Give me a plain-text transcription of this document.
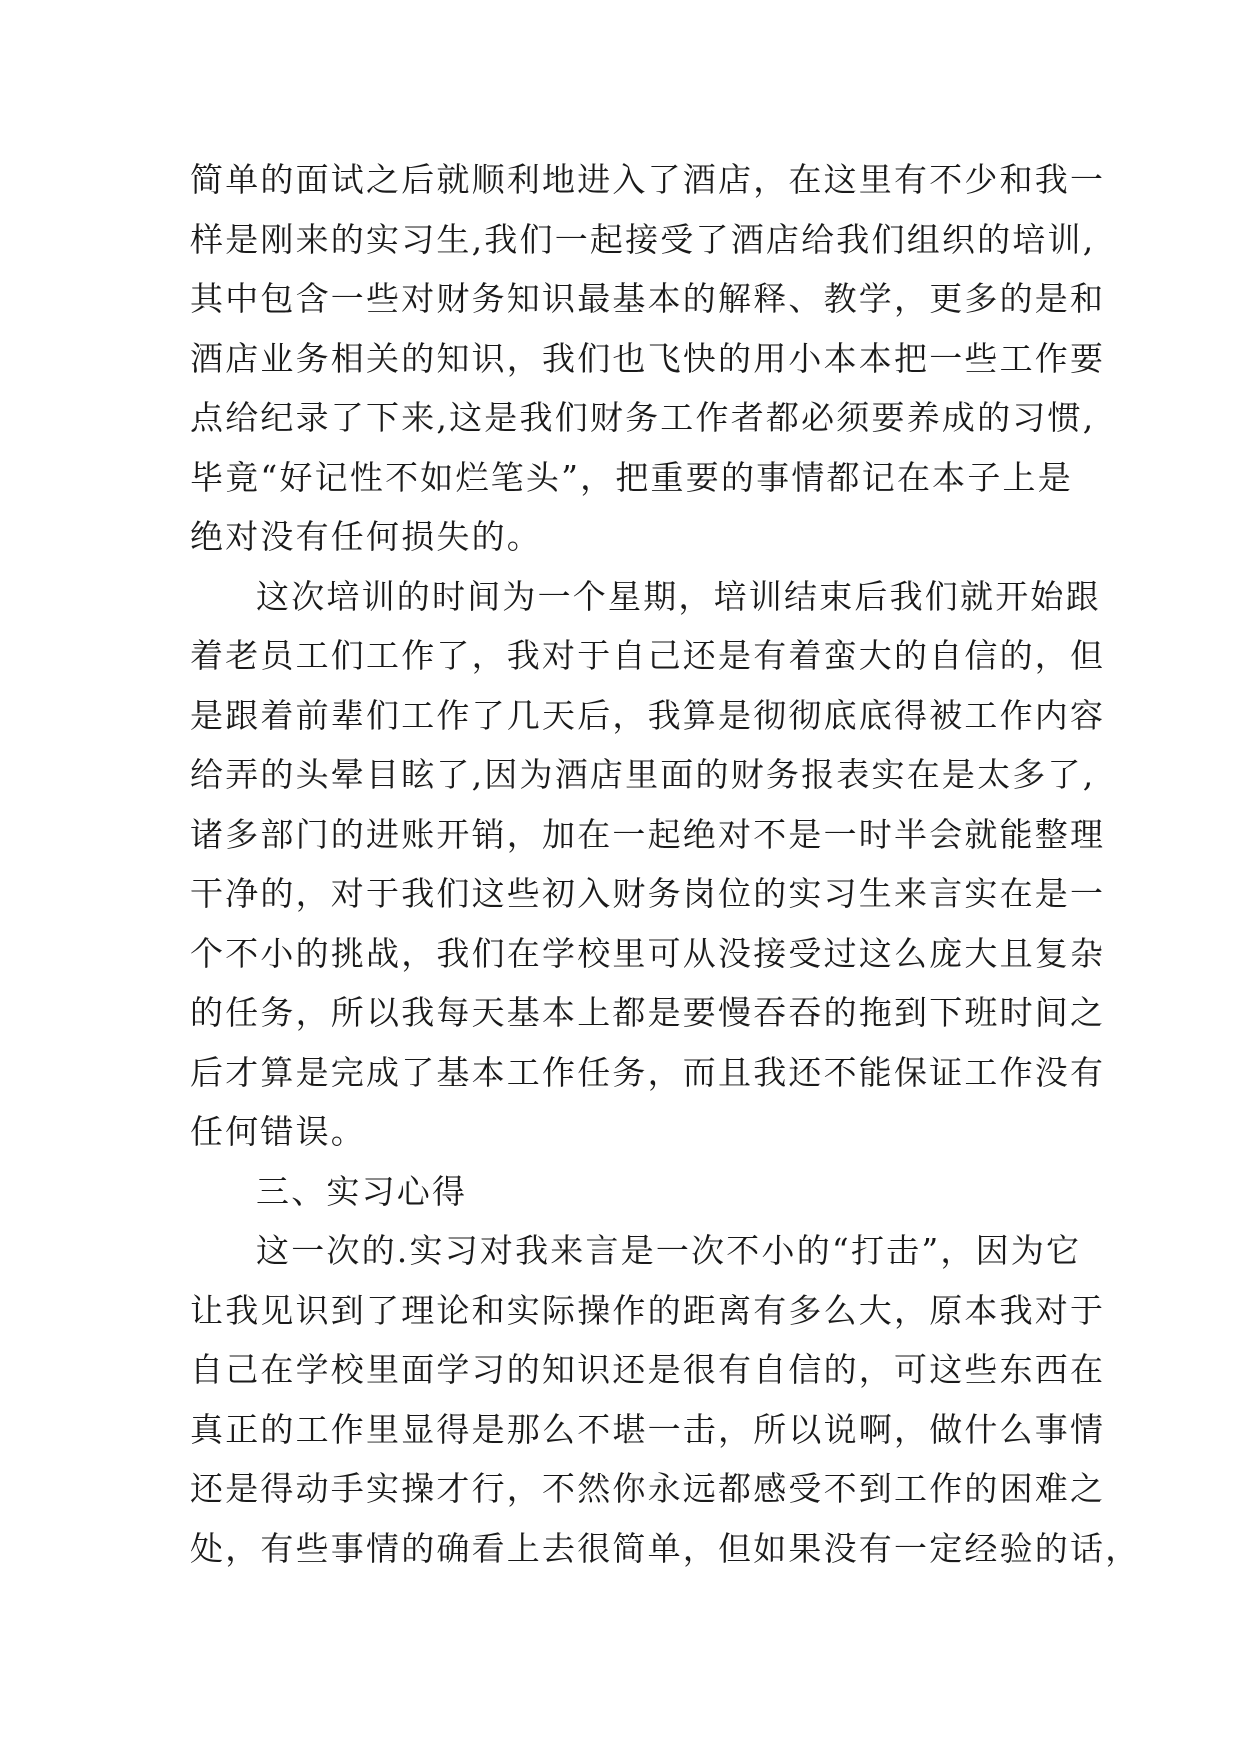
简单的面试之后就顺利地进入了酒店，在这里有不少和我一
样是刚来的实习生,我们一起接受了酒店给我们组织的培训,
其中包含一些对财务知识最基本的解释、教学，更多的是和
酒店业务相关的知识，我们也飞快的用小本本把一些工作要
点给纪录了下来,这是我们财务工作者都必须要养成的习惯,
毕竟“好记性不如烂笔头”，把重要的事情都记在本子上是
绝对没有任何损失的。
这次培训的时间为一个星期，培训结束后我们就开始跟
着老员工们工作了，我对于自己还是有着蛮大的自信的，但
是跟着前辈们工作了几天后，我算是彻彻底底得被工作内容
给弄的头晕目眩了,因为酒店里面的财务报表实在是太多了,
诸多部门的进账开销，加在一起绝对不是一时半会就能整理
干净的，对于我们这些初入财务岗位的实习生来言实在是一
个不小的挑战，我们在学校里可从没接受过这么庞大且复杂
的任务，所以我每天基本上都是要慢吞吞的拖到下班时间之
后才算是完成了基本工作任务，而且我还不能保证工作没有
任何错误。
三、实习心得
这一次的.实习对我来言是一次不小的“打击”，因为它
让我见识到了理论和实际操作的距离有多么大，原本我对于
自己在学校里面学习的知识还是很有自信的，可这些东西在
真正的工作里显得是那么不堪一击，所以说啊，做什么事情
还是得动手实操才行，不然你永远都感受不到工作的困难之
处，有些事情的确看上去很简单，但如果没有一定经验的话，
